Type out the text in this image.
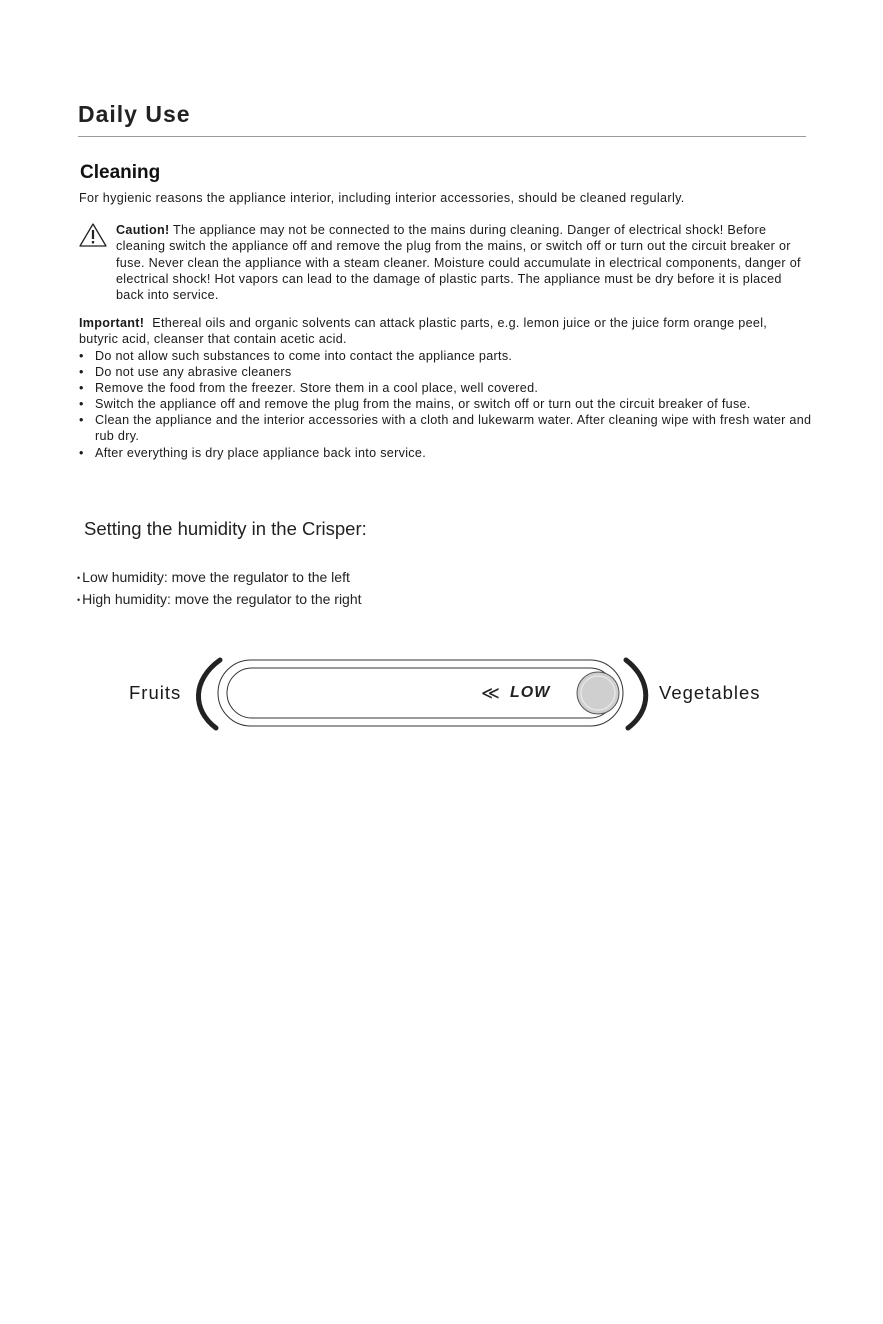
Daily Use
Cleaning
For hygienic reasons the appliance interior, including interior accessories, should be cleaned regularly.
Caution! The appliance may not be connected to the mains during cleaning. Danger of electrical shock! Before cleaning switch the appliance off and remove the plug from the mains, or switch off or turn out the circuit breaker or fuse. Never clean the appliance with a steam cleaner. Moisture could accumulate in electrical components, danger of electrical shock! Hot vapors can lead to the damage of plastic parts. The appliance must be dry before it is placed back into service.
Important! Ethereal oils and organic solvents can attack plastic parts, e.g. lemon juice or the juice form orange peel, butyric acid, cleanser that contain acetic acid.
• Do not allow such substances to come into contact the appliance parts.
• Do not use any abrasive cleaners
• Remove the food from the freezer. Store them in a cool place, well covered.
• Switch the appliance off and remove the plug from the mains, or switch off or turn out the circuit breaker of fuse.
• Clean the appliance and the interior accessories with a cloth and lukewarm water. After cleaning wipe with fresh water and rub dry.
• After everything is dry place appliance back into service.
Setting the humidity in the Crisper:
• Low humidity: move the regulator to the left
• High humidity: move the regulator to the right
Fruits	Vegetables
≪ LOW
